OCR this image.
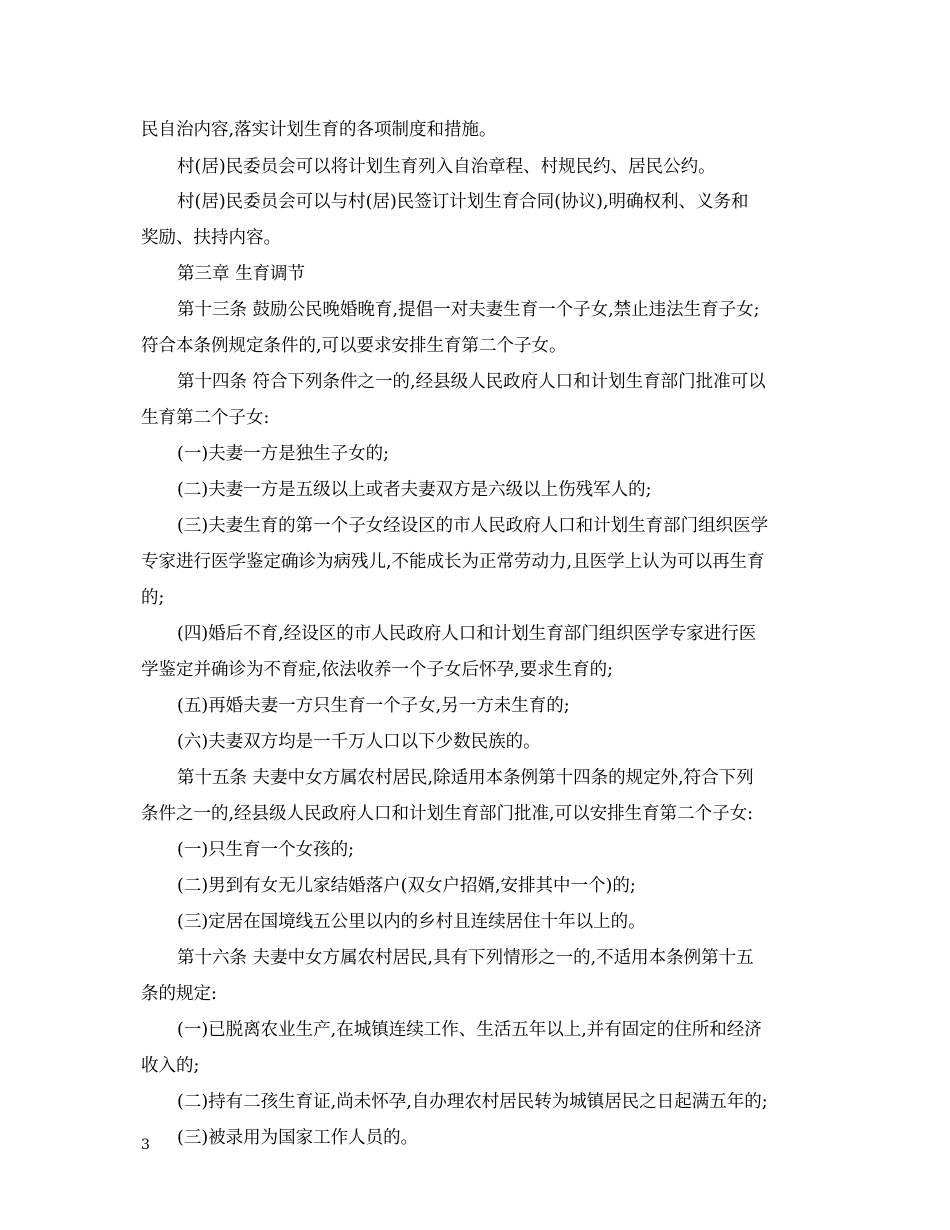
民自治内容,落实计划生育的各项制度和措施。
村(居)民委员会可以将计划生育列入自治章程、村规民约、居民公约。
村(居)民委员会可以与村(居)民签订计划生育合同(协议),明确权利、义务和
奖励、扶持内容。
第三章 生育调节
第十三条 鼓励公民晚婚晚育,提倡一对夫妻生育一个子女,禁止违法生育子女;
符合本条例规定条件的,可以要求安排生育第二个子女。
第十四条 符合下列条件之一的,经县级人民政府人口和计划生育部门批准可以
生育第二个子女:
(一)夫妻一方是独生子女的;
(二)夫妻一方是五级以上或者夫妻双方是六级以上伤残军人的;
(三)夫妻生育的第一个子女经设区的市人民政府人口和计划生育部门组织医学
专家进行医学鉴定确诊为病残儿,不能成长为正常劳动力,且医学上认为可以再生育
的;
(四)婚后不育,经设区的市人民政府人口和计划生育部门组织医学专家进行医
学鉴定并确诊为不育症,依法收养一个子女后怀孕,要求生育的;
(五)再婚夫妻一方只生育一个子女,另一方未生育的;
(六)夫妻双方均是一千万人口以下少数民族的。
第十五条 夫妻中女方属农村居民,除适用本条例第十四条的规定外,符合下列
条件之一的,经县级人民政府人口和计划生育部门批准,可以安排生育第二个子女:
(一)只生育一个女孩的;
(二)男到有女无儿家结婚落户(双女户招婿,安排其中一个)的;
(三)定居在国境线五公里以内的乡村且连续居住十年以上的。
第十六条 夫妻中女方属农村居民,具有下列情形之一的,不适用本条例第十五
条的规定:
(一)已脱离农业生产,在城镇连续工作、生活五年以上,并有固定的住所和经济
收入的;
(二)持有二孩生育证,尚未怀孕,自办理农村居民转为城镇居民之日起满五年的;
(三)被录用为国家工作人员的。
3
